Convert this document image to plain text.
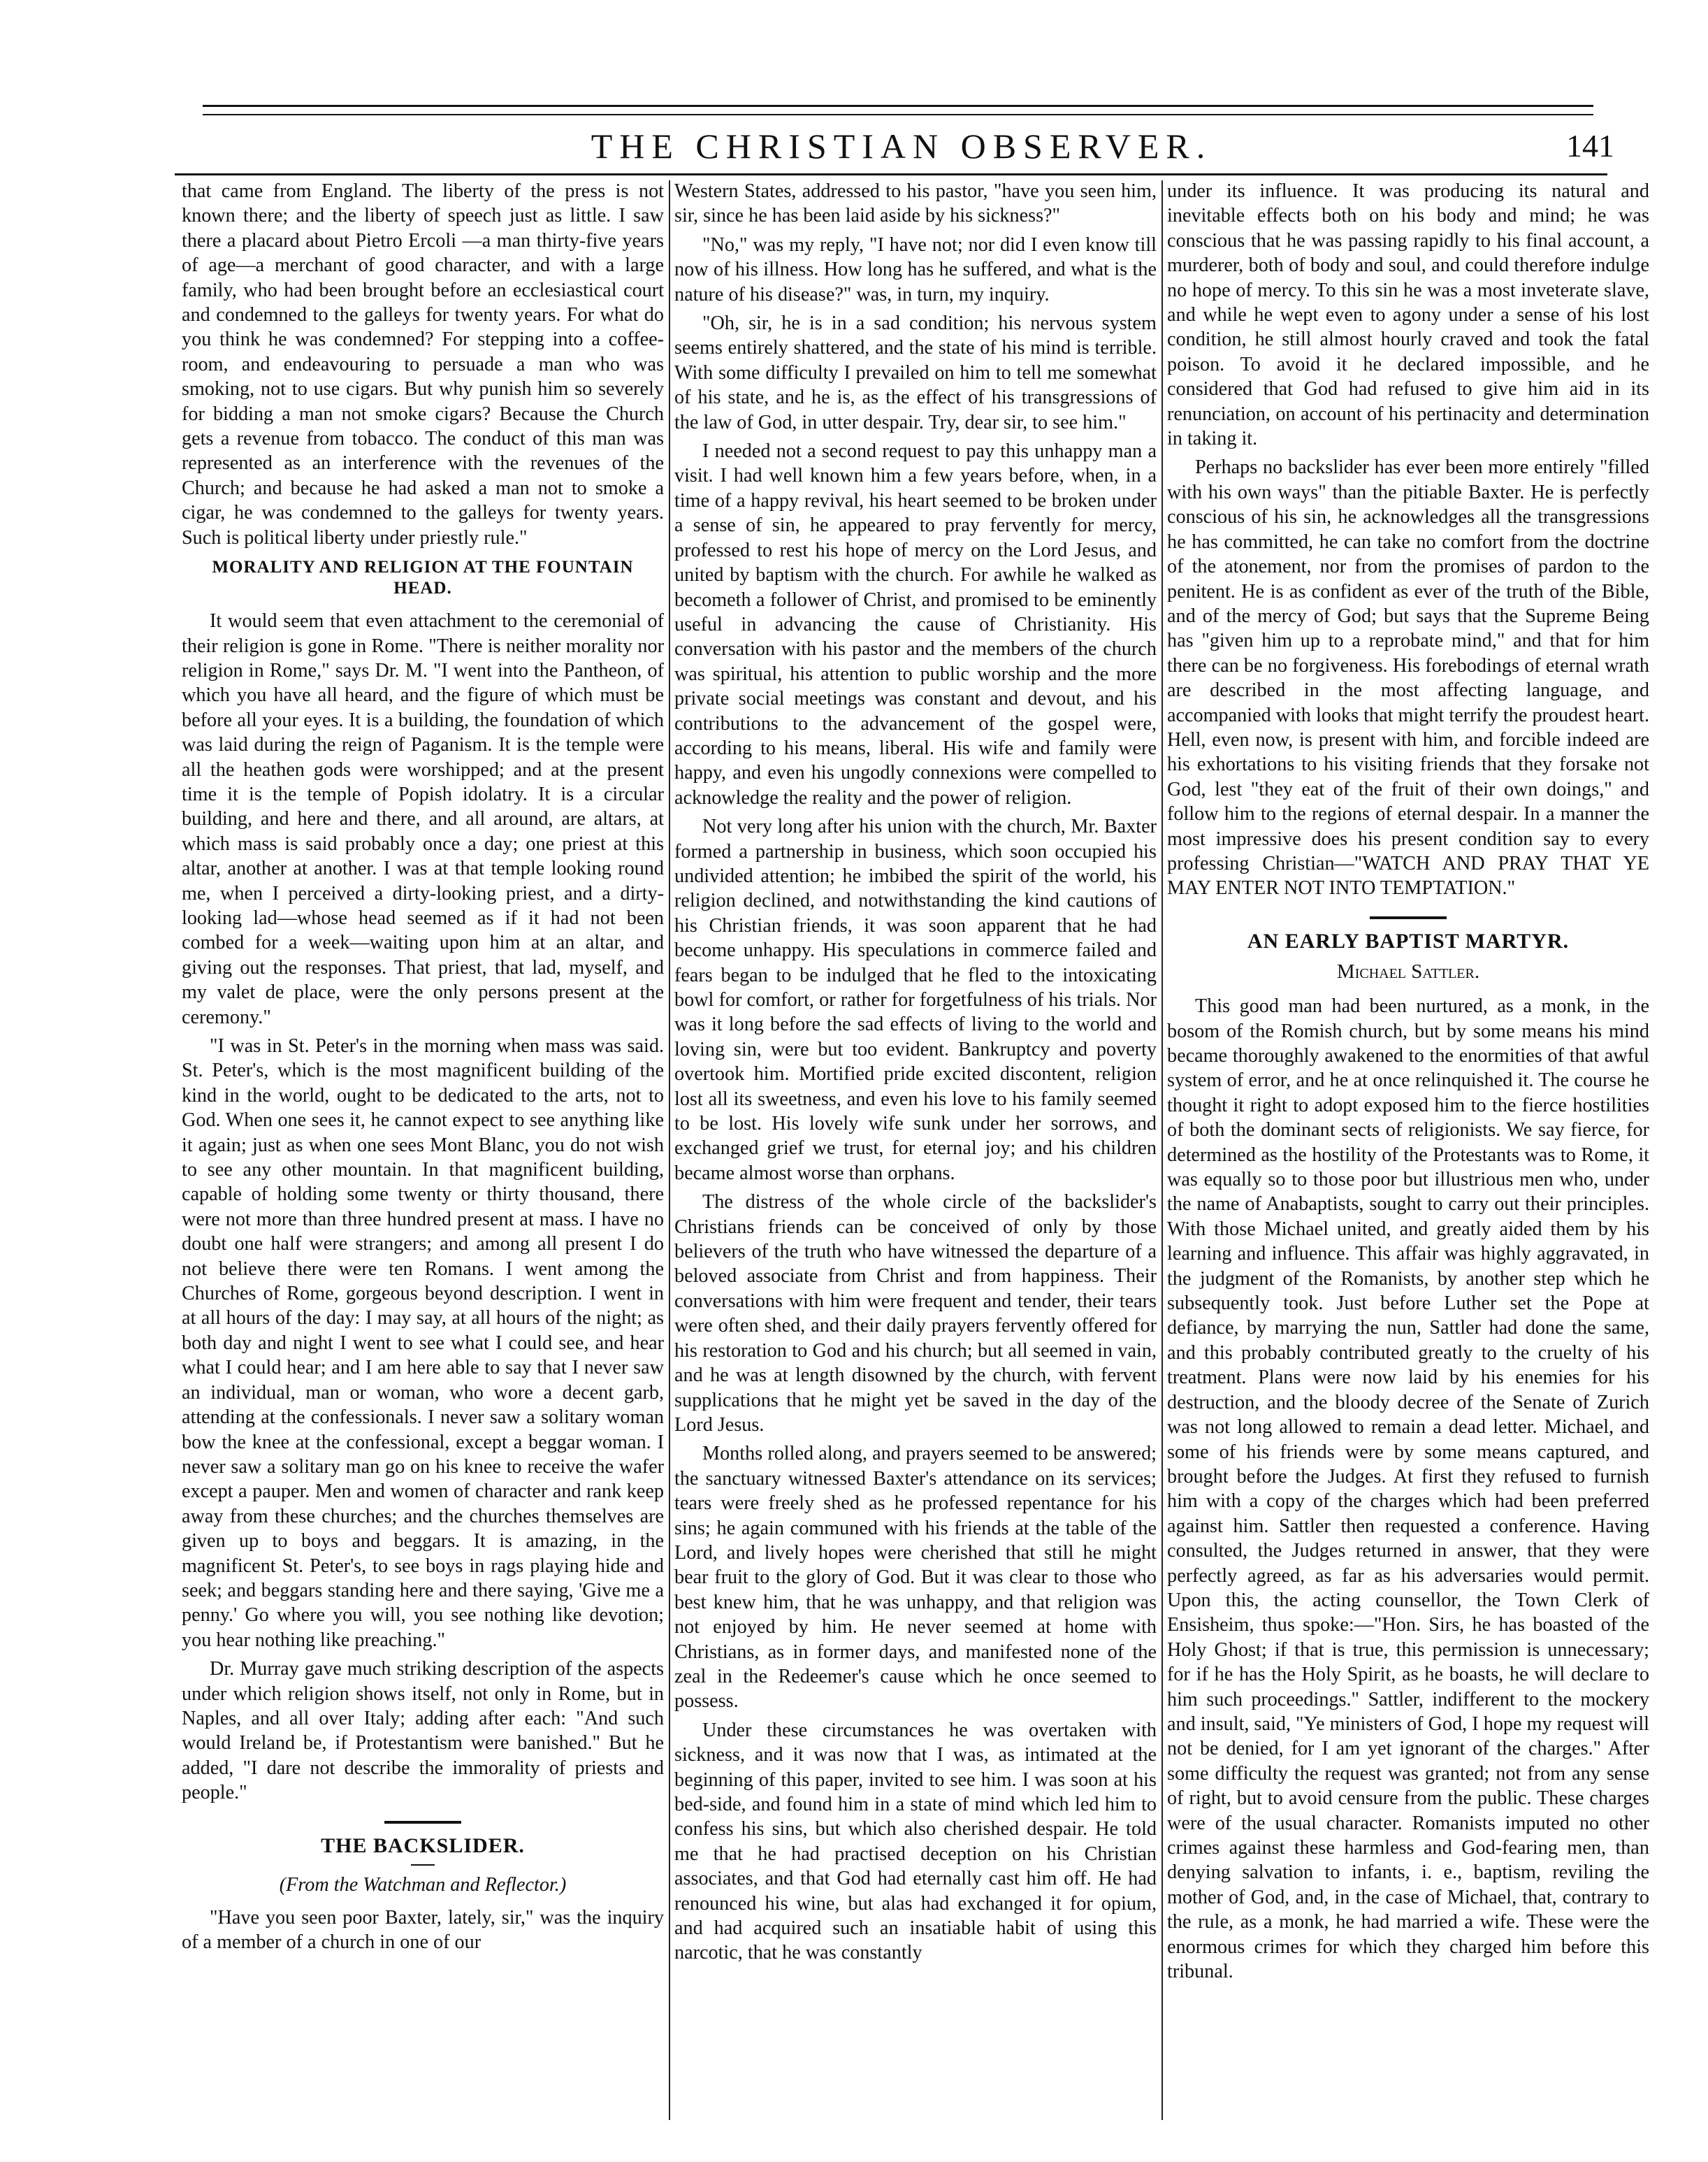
THE CHRISTIAN OBSERVER.	141

that came from England. The liberty of the press is not known there; and the liberty of speech just as little. I saw there a placard about Pietro Ercoli —a man thirty-five years of age—a merchant of good character, and with a large family, who had been brought before an ecclesiastical court and condemned to the galleys for twenty years. For what do you think he was condemned? For stepping into a coffee-room, and endeavouring to persuade a man who was smoking, not to use cigars. But why punish him so severely for bidding a man not smoke cigars? Because the Church gets a revenue from tobacco. The conduct of this man was represented as an interference with the revenues of the Church; and because he had asked a man not to smoke a cigar, he was condemned to the galleys for twenty years. Such is political liberty under priestly rule."

MORALITY AND RELIGION AT THE FOUNTAIN HEAD.

It would seem that even attachment to the ceremonial of their religion is gone in Rome. "There is neither morality nor religion in Rome," says Dr. M. "I went into the Pantheon, of which you have all heard, and the figure of which must be before all your eyes. It is a building, the foundation of which was laid during the reign of Paganism. It is the temple were all the heathen gods were worshipped; and at the present time it is the temple of Popish idolatry. It is a circular building, and here and there, and all around, are altars, at which mass is said probably once a day; one priest at this altar, another at another. I was at that temple looking round me, when I perceived a dirty-looking priest, and a dirty-looking lad—whose head seemed as if it had not been combed for a week—waiting upon him at an altar, and giving out the responses. That priest, that lad, myself, and my valet de place, were the only persons present at the ceremony."

"I was in St. Peter's in the morning when mass was said. St. Peter's, which is the most magnificent building of the kind in the world, ought to be dedicated to the arts, not to God. When one sees it, he cannot expect to see anything like it again; just as when one sees Mont Blanc, you do not wish to see any other mountain. In that magnificent building, capable of holding some twenty or thirty thousand, there were not more than three hundred present at mass. I have no doubt one half were strangers; and among all present I do not believe there were ten Romans. I went among the Churches of Rome, gorgeous beyond description. I went in at all hours of the day: I may say, at all hours of the night; as both day and night I went to see what I could see, and hear what I could hear; and I am here able to say that I never saw an individual, man or woman, who wore a decent garb, attending at the confessionals. I never saw a solitary woman bow the knee at the confessional, except a beggar woman. I never saw a solitary man go on his knee to receive the wafer except a pauper. Men and women of character and rank keep away from these churches; and the churches themselves are given up to boys and beggars. It is amazing, in the magnificent St. Peter's, to see boys in rags playing hide and seek; and beggars standing here and there saying, 'Give me a penny.' Go where you will, you see nothing like devotion; you hear nothing like preaching."

Dr. Murray gave much striking description of the aspects under which religion shows itself, not only in Rome, but in Naples, and all over Italy; adding after each: "And such would Ireland be, if Protestantism were banished." But he added, "I dare not describe the immorality of priests and people."

THE BACKSLIDER.
(From the Watchman and Reflector.)

"Have you seen poor Baxter, lately, sir," was the inquiry of a member of a church in one of our

Western States, addressed to his pastor, "have you seen him, sir, since he has been laid aside by his sickness?"

"No," was my reply, "I have not; nor did I even know till now of his illness. How long has he suffered, and what is the nature of his disease?" was, in turn, my inquiry.

"Oh, sir, he is in a sad condition; his nervous system seems entirely shattered, and the state of his mind is terrible. With some difficulty I prevailed on him to tell me somewhat of his state, and he is, as the effect of his transgressions of the law of God, in utter despair. Try, dear sir, to see him."

I needed not a second request to pay this unhappy man a visit. I had well known him a few years before, when, in a time of a happy revival, his heart seemed to be broken under a sense of sin, he appeared to pray fervently for mercy, professed to rest his hope of mercy on the Lord Jesus, and united by baptism with the church. For awhile he walked as becometh a follower of Christ, and promised to be eminently useful in advancing the cause of Christianity. His conversation with his pastor and the members of the church was spiritual, his attention to public worship and the more private social meetings was constant and devout, and his contributions to the advancement of the gospel were, according to his means, liberal. His wife and family were happy, and even his ungodly connexions were compelled to acknowledge the reality and the power of religion.

Not very long after his union with the church, Mr. Baxter formed a partnership in business, which soon occupied his undivided attention; he imbibed the spirit of the world, his religion declined, and notwithstanding the kind cautions of his Christian friends, it was soon apparent that he had become unhappy. His speculations in commerce failed and fears began to be indulged that he fled to the intoxicating bowl for comfort, or rather for forgetfulness of his trials. Nor was it long before the sad effects of living to the world and loving sin, were but too evident. Bankruptcy and poverty overtook him. Mortified pride excited discontent, religion lost all its sweetness, and even his love to his family seemed to be lost. His lovely wife sunk under her sorrows, and exchanged grief we trust, for eternal joy; and his children became almost worse than orphans.

The distress of the whole circle of the backslider's Christians friends can be conceived of only by those believers of the truth who have witnessed the departure of a beloved associate from Christ and from happiness. Their conversations with him were frequent and tender, their tears were often shed, and their daily prayers fervently offered for his restoration to God and his church; but all seemed in vain, and he was at length disowned by the church, with fervent supplications that he might yet be saved in the day of the Lord Jesus.

Months rolled along, and prayers seemed to be answered; the sanctuary witnessed Baxter's attendance on its services; tears were freely shed as he professed repentance for his sins; he again communed with his friends at the table of the Lord, and lively hopes were cherished that still he might bear fruit to the glory of God. But it was clear to those who best knew him, that he was unhappy, and that religion was not enjoyed by him. He never seemed at home with Christians, as in former days, and manifested none of the zeal in the Redeemer's cause which he once seemed to possess.

Under these circumstances he was overtaken with sickness, and it was now that I was, as intimated at the beginning of this paper, invited to see him. I was soon at his bed-side, and found him in a state of mind which led him to confess his sins, but which also cherished despair. He told me that he had practised deception on his Christian associates, and that God had eternally cast him off. He had renounced his wine, but alas had exchanged it for opium, and had acquired such an insatiable habit of using this narcotic, that he was constantly

under its influence. It was producing its natural and inevitable effects both on his body and mind; he was conscious that he was passing rapidly to his final account, a murderer, both of body and soul, and could therefore indulge no hope of mercy. To this sin he was a most inveterate slave, and while he wept even to agony under a sense of his lost condition, he still almost hourly craved and took the fatal poison. To avoid it he declared impossible, and he considered that God had refused to give him aid in its renunciation, on account of his pertinacity and determination in taking it.

Perhaps no backslider has ever been more entirely "filled with his own ways" than the pitiable Baxter. He is perfectly conscious of his sin, he acknowledges all the transgressions he has committed, he can take no comfort from the doctrine of the atonement, nor from the promises of pardon to the penitent. He is as confident as ever of the truth of the Bible, and of the mercy of God; but says that the Supreme Being has "given him up to a reprobate mind," and that for him there can be no forgiveness. His forebodings of eternal wrath are described in the most affecting language, and accompanied with looks that might terrify the proudest heart. Hell, even now, is present with him, and forcible indeed are his exhortations to his visiting friends that they forsake not God, lest "they eat of the fruit of their own doings," and follow him to the regions of eternal despair. In a manner the most impressive does his present condition say to every professing Christian—"WATCH AND PRAY THAT YE MAY ENTER NOT INTO TEMPTATION."

AN EARLY BAPTIST MARTYR.
Michael Sattler.

This good man had been nurtured, as a monk, in the bosom of the Romish church, but by some means his mind became thoroughly awakened to the enormities of that awful system of error, and he at once relinquished it. The course he thought it right to adopt exposed him to the fierce hostilities of both the dominant sects of religionists. We say fierce, for determined as the hostility of the Protestants was to Rome, it was equally so to those poor but illustrious men who, under the name of Anabaptists, sought to carry out their principles. With those Michael united, and greatly aided them by his learning and influence. This affair was highly aggravated, in the judgment of the Romanists, by another step which he subsequently took. Just before Luther set the Pope at defiance, by marrying the nun, Sattler had done the same, and this probably contributed greatly to the cruelty of his treatment. Plans were now laid by his enemies for his destruction, and the bloody decree of the Senate of Zurich was not long allowed to remain a dead letter. Michael, and some of his friends were by some means captured, and brought before the Judges. At first they refused to furnish him with a copy of the charges which had been preferred against him. Sattler then requested a conference. Having consulted, the Judges returned in answer, that they were perfectly agreed, as far as his adversaries would permit. Upon this, the acting counsellor, the Town Clerk of Ensisheim, thus spoke:—"Hon. Sirs, he has boasted of the Holy Ghost; if that is true, this permission is unnecessary; for if he has the Holy Spirit, as he boasts, he will declare to him such proceedings." Sattler, indifferent to the mockery and insult, said, "Ye ministers of God, I hope my request will not be denied, for I am yet ignorant of the charges." After some difficulty the request was granted; not from any sense of right, but to avoid censure from the public. These charges were of the usual character. Romanists imputed no other crimes against these harmless and God-fearing men, than denying salvation to infants, i. e., baptism, reviling the mother of God, and, in the case of Michael, that, contrary to the rule, as a monk, he had married a wife. These were the enormous crimes for which they charged him before this tribunal.
